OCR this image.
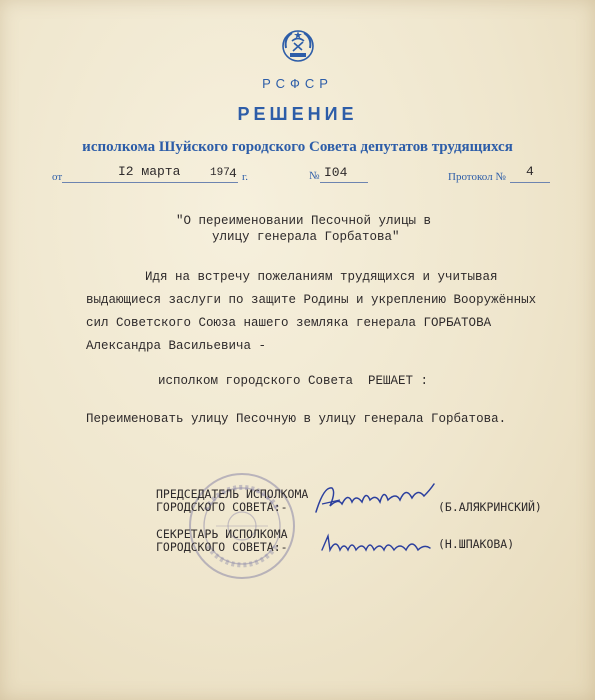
РСФСР
РЕШЕНИЕ
исполкома Шуйского городского Совета депутатов трудящихся
от	I2 марта	197 4 г.	№ I04	Протокол № 4
"О переименовании Песочной улицы в
улицу генерала Горбатова"
Идя на встречу пожеланиям трудящихся и учитывая
выдающиеся заслуги по защите Родины и укреплению Вооружённых
сил Советского Союза нашего земляка генерала ГОРБАТОВА
Александра Васильевича -
исполком городского Совета  РЕШАЕТ :
Переименовать улицу Песочную в улицу генерала Горбатова.
ПРЕДСЕДАТЕЛЬ ИСПОЛКОМА
ГОРОДСКОГО СОВЕТА:-	(Б.АЛЯКРИНСКИЙ)
СЕКРЕТАРЬ ИСПОЛКОМА
ГОРОДСКОГО СОВЕТА:-	(Н.ШПАКОВА)
